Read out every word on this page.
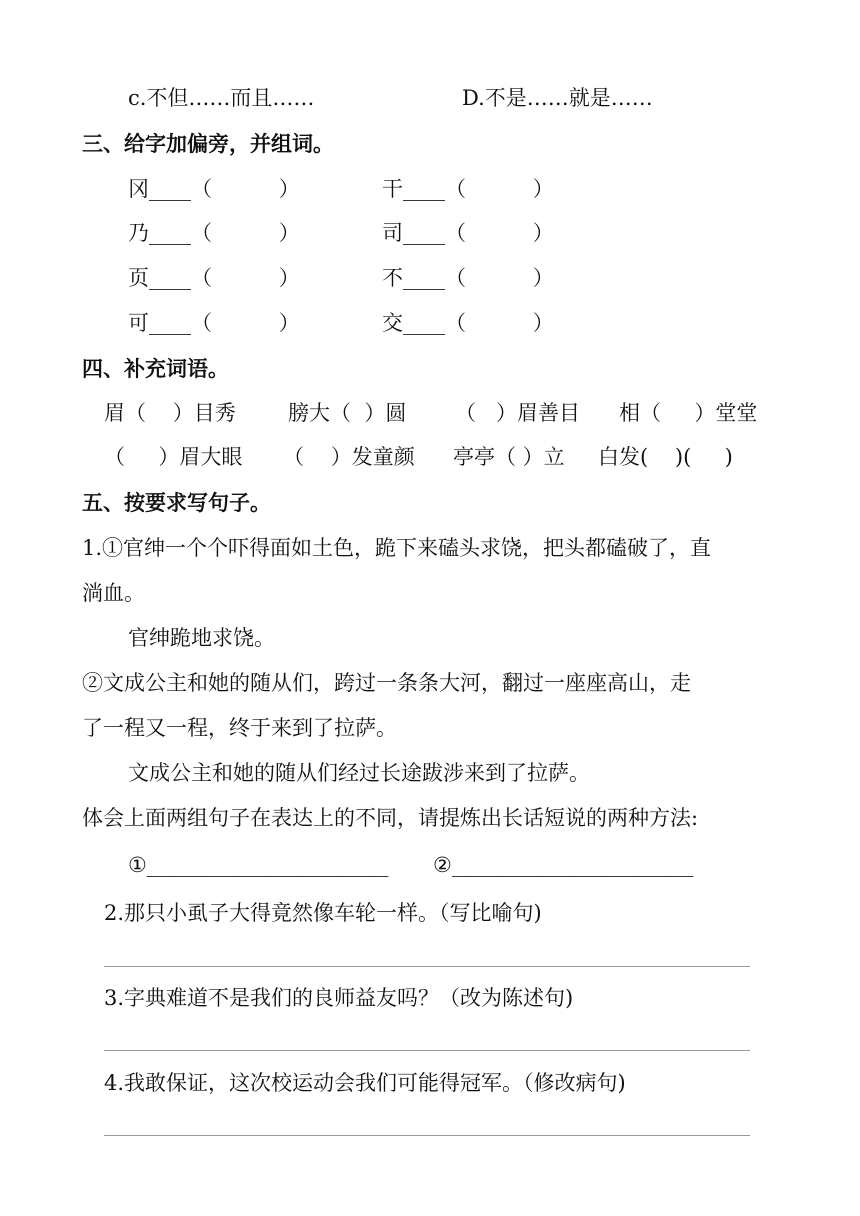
c.不但……而且……	D.不是……就是……
三、给字加偏旁，并组词。
冈____（          ）	干____（          ）
乃____（          ）	司____（          ）
页____（          ）	不____（          ）
可____（          ）	交____（          ）
四、补充词语。
眉（    ）目秀 膀大（  ）圆 （   ）眉善目 相（     ）堂堂
（     ）眉大眼 （    ）发童颜 亭亭（ ）立 白发(    )(     )
五、按要求写句子。
1.①官绅一个个吓得面如土色，跪下来磕头求饶，把头都磕破了，直
淌血。
官绅跪地求饶。
②文成公主和她的随从们，跨过一条条大河，翻过一座座高山，走
了一程又一程，终于来到了拉萨。
文成公主和她的随从们经过长途跋涉来到了拉萨。
体会上面两组句子在表达上的不同，请提炼出长话短说的两种方法:
①_______________________ ②_______________________
2.那只小虱子大得竟然像车轮一样。（写比喻句)
3.字典难道不是我们的良师益友吗？（改为陈述句)
4.我敢保证，这次校运动会我们可能得冠军。（修改病句)
